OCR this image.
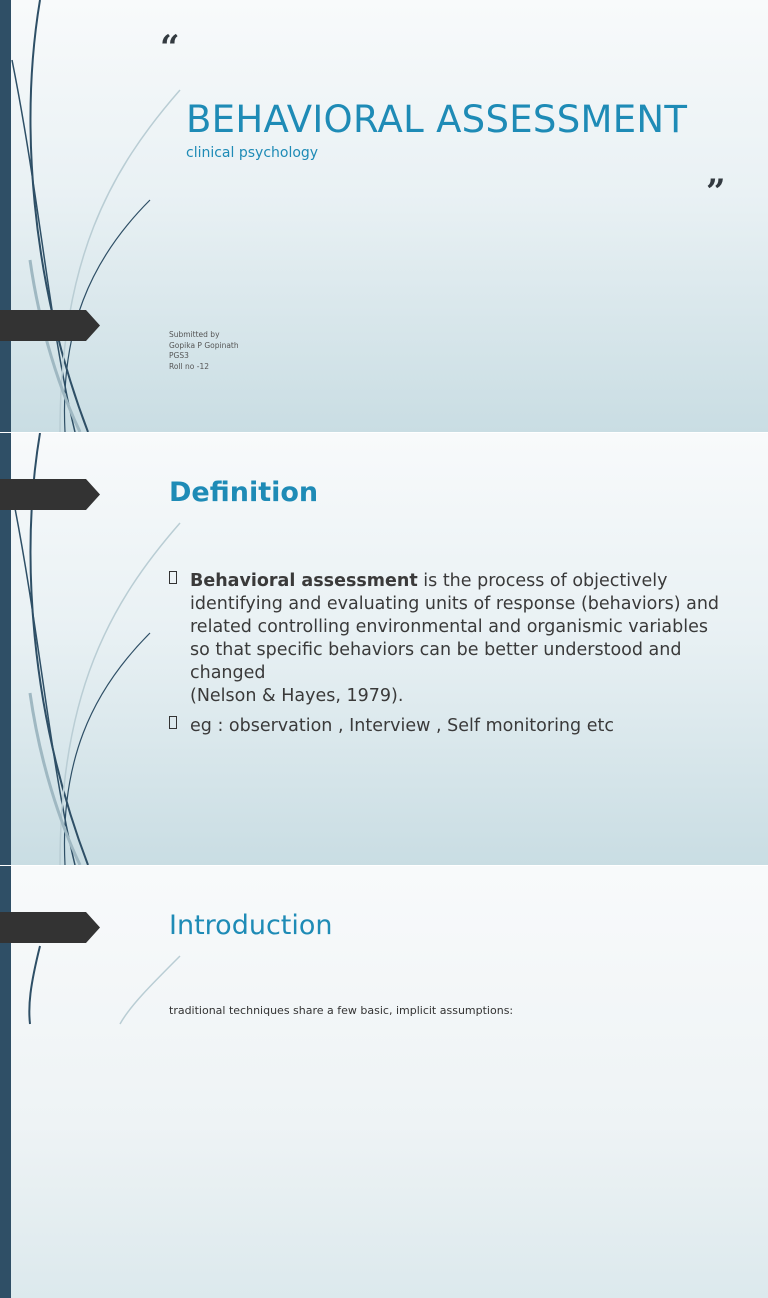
“
BEHAVIORAL ASSESSMENT
clinical psychology
”
Submitted by
Gopika P Gopinath
PGS3
Roll no -12
Definition
Behavioral assessment is the process of objectively identifying and evaluating units of response (behaviors) and related controlling environmental and organismic variables so that specific behaviors can be better understood and changed
(Nelson & Hayes, 1979).
eg : observation , Interview , Self monitoring etc
Introduction
traditional techniques share a few basic, implicit assumptions:
